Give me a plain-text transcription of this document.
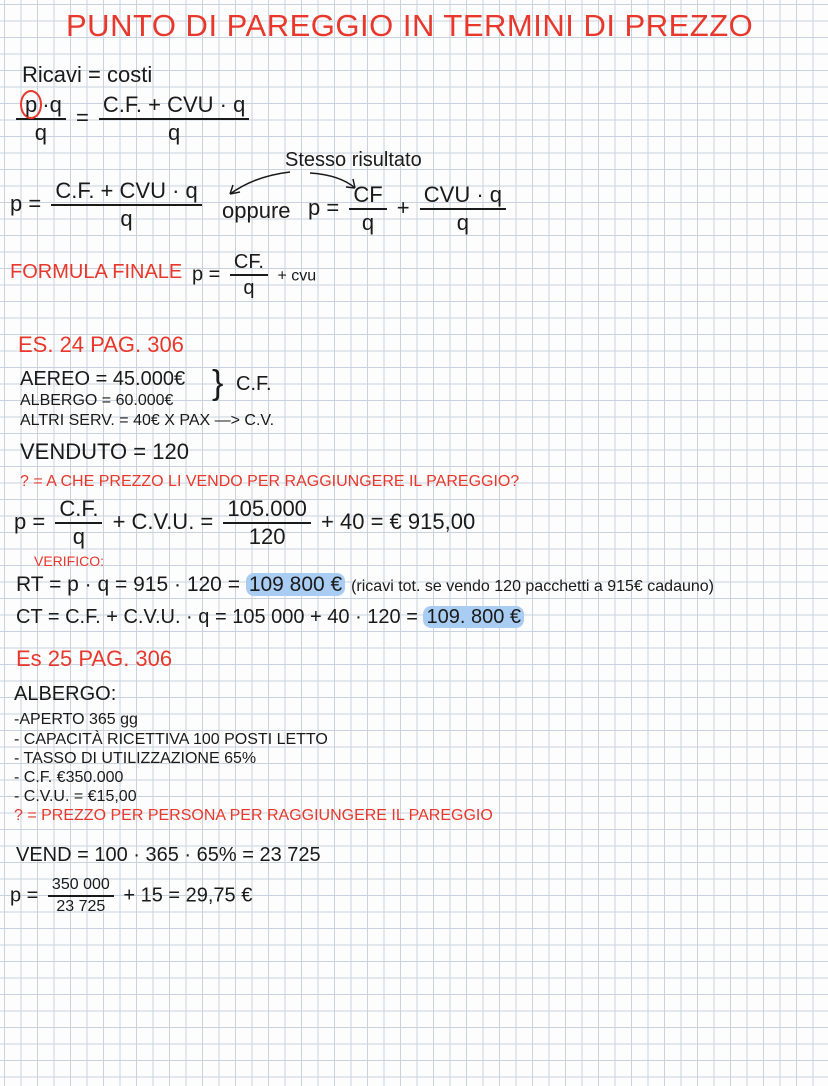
PUNTO DI PAREGGIO IN TERMINI DI PREZZO
Ricavi = costi
$\frac{p \cdot q}{q} = \frac{\text{C.F. + CVU · q}}{q}$
Stesso risultato
$p = \frac{\text{C.F. + CVU · q}}{q}$ oppure $p = \frac{CF}{q} + \frac{\text{CVU · q}}{q}$
FORMULA FINALE $p = \frac{CF.}{q}$ + cvu
ES. 24 PAG. 306
AEREO = 45.000€
ALBERGO = 60.000€ } C.F.
ALTRI SERV. = 40€ X PAX —> C.V.
VENDUTO = 120
? = A CHE PREZZO LI VENDO PER RAGGIUNGERE IL PAREGGIO?
$p = \frac{C.F.}{q} + C.V.U$. = $\frac{105.000}{120} + 40$ = € 915,00
VERIFICO:
RT = p · q = 915 · 120 = 109 800 € (ricavi tot. se vendo 120 pacchetti a 915€ cadauno)
CT = C.F. + C.V.U. · q = 105 000 + 40 · 120 = 109. 800 €
Es 25 PAG. 306
ALBERGO:
-APERTO 365 gg
- CAPACITÀ RICETTIVA 100 POSTI LETTO
- TASSO DI UTILIZZAZIONE 65%
- C.F. €350.000
- C.V.U. = €15,00
? = PREZZO PER PERSONA PER RAGGIUNGERE IL PAREGGIO
VEND = 100 · 365 · 65% = 23 725
$p = \frac{350 000}{23 725} + 15 = 29,75$ €
